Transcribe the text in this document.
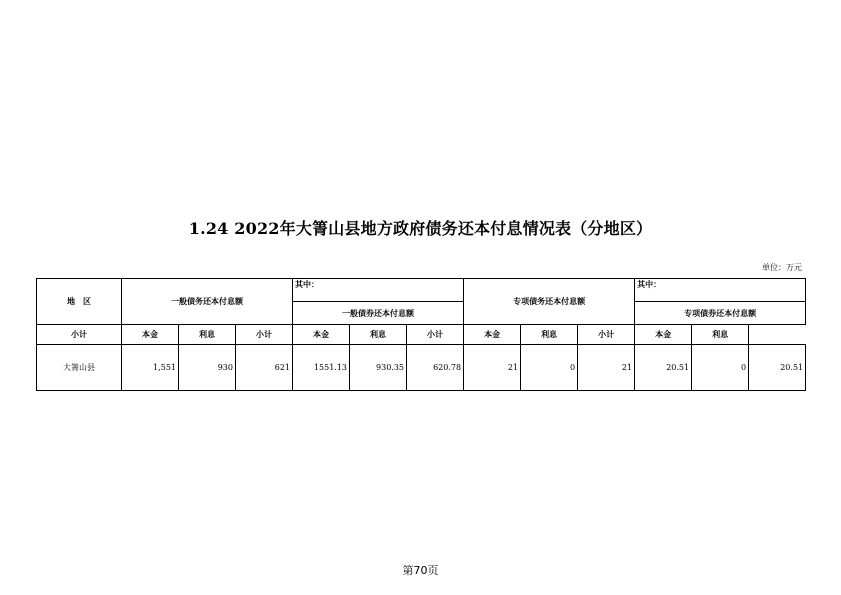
1.24 2022年大箐山县地方政府债务还本付息情况表（分地区）
单位：万元
地　区	一般债务还本付息额			其中：			专项债务还本付息额			其中：		
				一般债券还本付息额						专项债券还本付息额		
小计	本金	利息	小计	本金	利息	小计	本金	利息	小计	本金	利息	
大箐山县	1,551	930	621	1551.13	930.35	620.78	21	0	21	20.51	0	20.51
第70页
